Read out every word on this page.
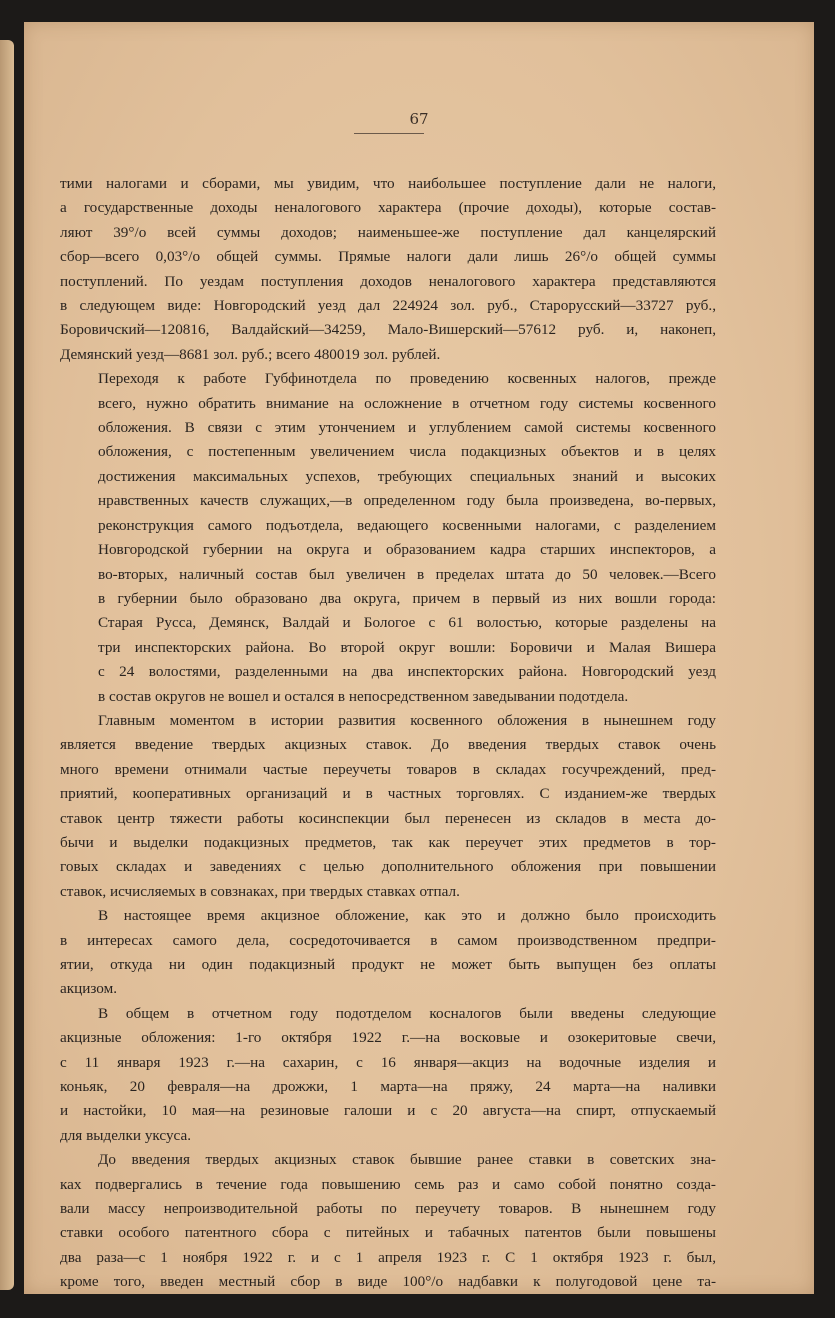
67

тими налогами и сборами, мы увидим, что наибольшее поступление дали не налоги,
а государственные доходы неналогового характера (прочие доходы), которые состав-
ляют 39°/о всей суммы доходов; наименьшее-же поступление дал канцелярский
сбор—всего 0,03°/о общей суммы. Прямые налоги дали лишь 26°/о общей суммы
поступлений. По уездам поступления доходов неналогового характера представляются
в следующем виде: Новгородский уезд дал 224924 зол. руб., Старорусский—33727 руб.,
Боровичский—120816, Валдайский—34259, Мало-Вишерский—57612 руб. и, наконеп,
Демянский уезд—8681 зол. руб.; всего 480019 зол. рублей.

Переходя к работе Губфинотдела по проведению косвенных налогов, прежде
всего, нужно обратить внимание на осложнение в отчетном году системы косвенного
обложения. В связи с этим утончением и углублением самой системы косвенного
обложения, с постепенным увеличением числа подакцизных объектов и в целях
достижения максимальных успехов, требующих специальных знаний и высоких
нравственных качеств служащих,—в определенном году была произведена, во-первых,
реконструкция самого подъотдела, ведающего косвенными налогами, с разделением
Новгородской губернии на округа и образованием кадра старших инспекторов, а
во-вторых, наличный состав был увеличен в пределах штата до 50 человек.—Всего
в губернии было образовано два округа, причем в первый из них вошли города:
Старая Русса, Демянск, Валдай и Бологое с 61 волостью, которые разделены на
три инспекторских района. Во второй округ вошли: Боровичи и Малая Вишера
с 24 волостями, разделенными на два инспекторских района. Новгородский уезд
в состав округов не вошел и остался в непосредственном заведывании подотдела.

Главным моментом в истории развития косвенного обложения в нынешнем году
является введение твердых акцизных ставок. До введения твердых ставок очень
много времени отнимали частые переучеты товаров в складах госучреждений, пред-
приятий, кооперативных организаций и в частных торговлях. С изданием-же твердых
ставок центр тяжести работы косинспекции был перенесен из складов в места до-
бычи и выделки подакцизных предметов, так как переучет этих предметов в тор-
говых складах и заведениях с целью дополнительного обложения при повышении
ставок, исчисляемых в совзнаках, при твердых ставках отпал.

В настоящее время акцизное обложение, как это и должно было происходить
в интересах самого дела, сосредоточивается в самом производственном предпри-
ятии, откуда ни один подакцизный продукт не может быть выпущен без оплаты
акцизом.

В общем в отчетном году подотделом косналогов были введены следующие
акцизные обложения: 1-го октября 1922 г.—на восковые и озокеритовые свечи,
с 11 января 1923 г.—на сахарин, с 16 января—акциз на водочные изделия и
коньяк, 20 февраля—на дрожжи, 1 марта—на пряжу, 24 марта—на наливки
и настойки, 10 мая—на резиновые галоши и с 20 августа—на спирт, отпускаемый
для выделки уксуса.

До введения твердых акцизных ставок бывшие ранее ставки в советских зна-
ках подвергались в течение года повышению семь раз и само собой понятно созда-
вали массу непроизводительной работы по переучету товаров. В нынешнем году
ставки особого патентного сбора с питейных и табачных патентов были повышены
два раза—с 1 ноября 1922 г. и с 1 апреля 1923 г. С 1 октября 1923 г. был,
кроме того, введен местный сбор в виде 100°/о надбавки к полугодовой цене та-
